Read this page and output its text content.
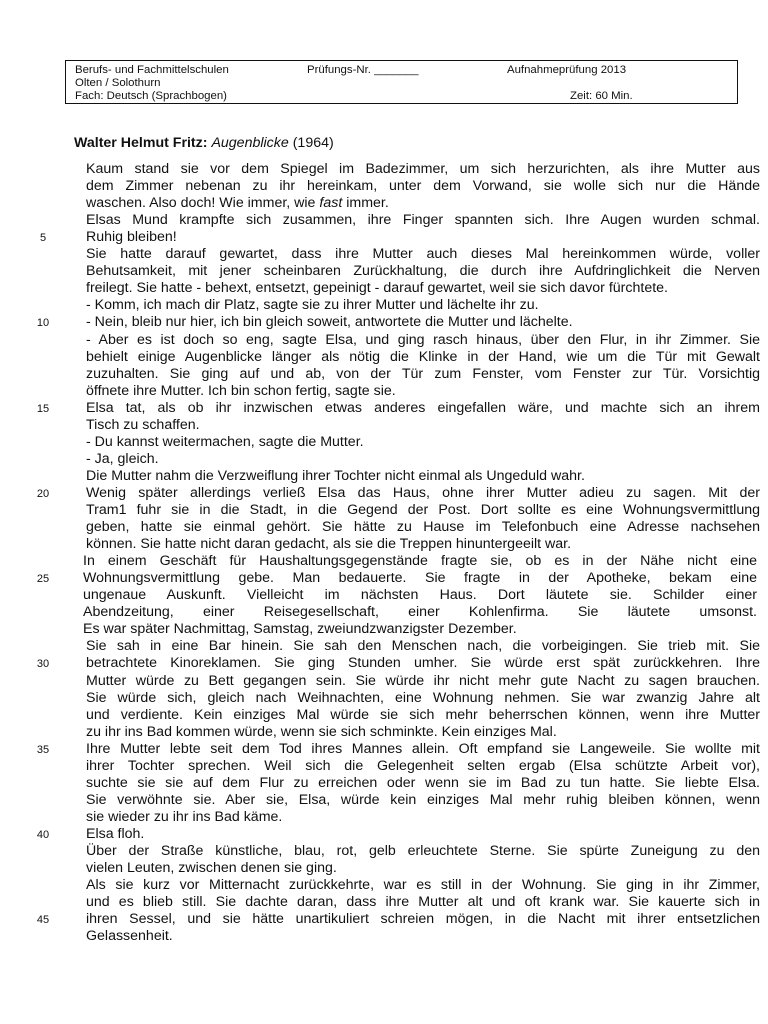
Berufs- und Fachmittelschulen
Olten / Solothurn
Fach: Deutsch (Sprachbogen)
Prüfungs-Nr. _______	Aufnahmeprüfung 2013
Zeit: 60 Min.
Walter Helmut Fritz: Augenblicke (1964)
Kaum stand sie vor dem Spiegel im Badezimmer, um sich herzurichten, als ihre Mutter aus
dem Zimmer nebenan zu ihr hereinkam, unter dem Vorwand, sie wolle sich nur die Hände
waschen. Also doch! Wie immer, wie fast immer.
Elsas Mund krampfte sich zusammen, ihre Finger spannten sich. Ihre Augen wurden schmal.
Ruhig bleiben!
Sie hatte darauf gewartet, dass ihre Mutter auch dieses Mal hereinkommen würde, voller
Behutsamkeit, mit jener scheinbaren Zurückhaltung, die durch ihre Aufdringlichkeit die Nerven
freilegt. Sie hatte - behext, entsetzt, gepeinigt - darauf gewartet, weil sie sich davor fürchtete.
- Komm, ich mach dir Platz, sagte sie zu ihrer Mutter und lächelte ihr zu.
- Nein, bleib nur hier, ich bin gleich soweit, antwortete die Mutter und lächelte.
- Aber es ist doch so eng, sagte Elsa, und ging rasch hinaus, über den Flur, in ihr Zimmer. Sie
behielt einige Augenblicke länger als nötig die Klinke in der Hand, wie um die Tür mit Gewalt
zuzuhalten. Sie ging auf und ab, von der Tür zum Fenster, vom Fenster zur Tür. Vorsichtig
öffnete ihre Mutter. Ich bin schon fertig, sagte sie.
Elsa tat, als ob ihr inzwischen etwas anderes eingefallen wäre, und machte sich an ihrem
Tisch zu schaffen.
- Du kannst weitermachen, sagte die Mutter.
- Ja, gleich.
Die Mutter nahm die Verzweiflung ihrer Tochter nicht einmal als Ungeduld wahr.
Wenig später allerdings verließ Elsa das Haus, ohne ihrer Mutter adieu zu sagen. Mit der
Tram1 fuhr sie in die Stadt, in die Gegend der Post. Dort sollte es eine Wohnungsvermittlung
geben, hatte sie einmal gehört. Sie hätte zu Hause im Telefonbuch eine Adresse nachsehen
können. Sie hatte nicht daran gedacht, als sie die Treppen hinuntergeeilt war.
In einem Geschäft für Haushaltungsgegenstände fragte sie, ob es in der Nähe nicht eine
Wohnungsvermittlung gebe. Man bedauerte. Sie fragte in der Apotheke, bekam eine
ungenaue Auskunft. Vielleicht im nächsten Haus. Dort läutete sie. Schilder einer
Abendzeitung, einer Reisegesellschaft, einer Kohlenfirma. Sie läutete umsonst.
Es war später Nachmittag, Samstag, zweiundzwanzigster Dezember.
Sie sah in eine Bar hinein. Sie sah den Menschen nach, die vorbeigingen. Sie trieb mit. Sie
betrachtete Kinoreklamen. Sie ging Stunden umher. Sie würde erst spät zurückkehren. Ihre
Mutter würde zu Bett gegangen sein. Sie würde ihr nicht mehr gute Nacht zu sagen brauchen.
Sie würde sich, gleich nach Weihnachten, eine Wohnung nehmen. Sie war zwanzig Jahre alt
und verdiente. Kein einziges Mal würde sie sich mehr beherrschen können, wenn ihre Mutter
zu ihr ins Bad kommen würde, wenn sie sich schminkte. Kein einziges Mal.
Ihre Mutter lebte seit dem Tod ihres Mannes allein. Oft empfand sie Langeweile. Sie wollte mit
ihrer Tochter sprechen. Weil sich die Gelegenheit selten ergab (Elsa schützte Arbeit vor),
suchte sie sie auf dem Flur zu erreichen oder wenn sie im Bad zu tun hatte. Sie liebte Elsa.
Sie verwöhnte sie. Aber sie, Elsa, würde kein einziges Mal mehr ruhig bleiben können, wenn
sie wieder zu ihr ins Bad käme.
Elsa floh.
Über der Straße künstliche, blau, rot, gelb erleuchtete Sterne. Sie spürte Zuneigung zu den
vielen Leuten, zwischen denen sie ging.
Als sie kurz vor Mitternacht zurückkehrte, war es still in der Wohnung. Sie ging in ihr Zimmer,
und es blieb still. Sie dachte daran, dass ihre Mutter alt und oft krank war. Sie kauerte sich in
ihren Sessel, und sie hätte unartikuliert schreien mögen, in die Nacht mit ihrer entsetzlichen
Gelassenheit.
5
10
15
20
25
30
35
40
45
